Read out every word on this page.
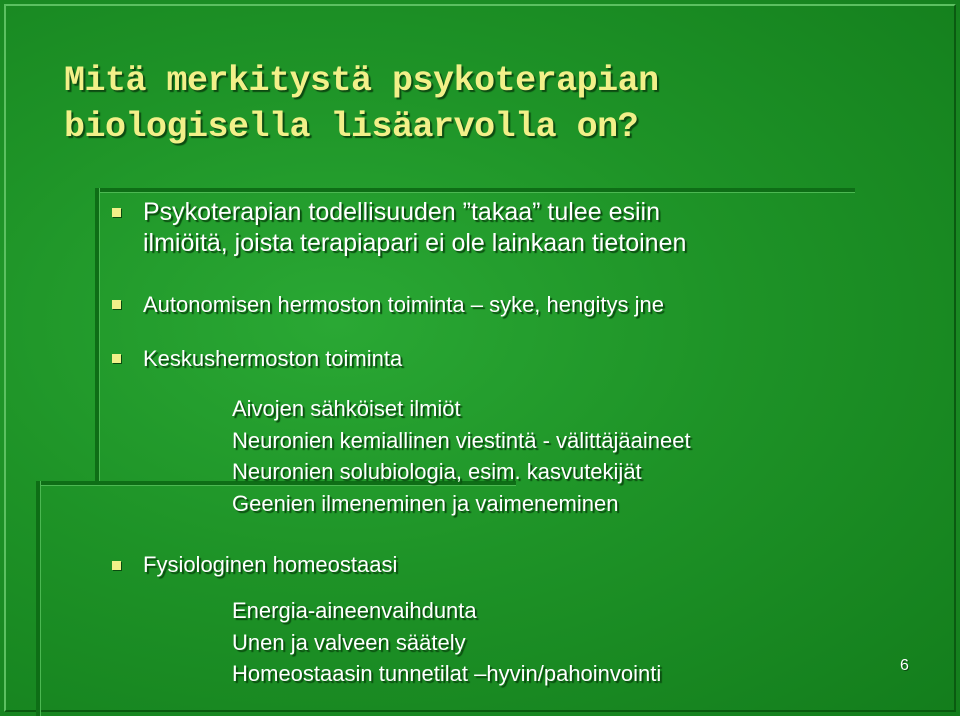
Mitä merkitystä psykoterapian
biologisella lisäarvolla on?
Psykoterapian todellisuuden ”takaa” tulee esiin
ilmiöitä, joista terapiapari ei ole lainkaan tietoinen
Autonomisen hermoston toiminta – syke, hengitys jne
Keskushermoston toiminta
Aivojen sähköiset ilmiöt
Neuronien kemiallinen viestintä - välittäjäaineet
Neuronien solubiologia, esim. kasvutekijät
Geenien ilmeneminen ja vaimeneminen
Fysiologinen homeostaasi
Energia-aineenvaihdunta
Unen ja valveen säätely
Homeostaasin tunnetilat –hyvin/pahoinvointi	6
